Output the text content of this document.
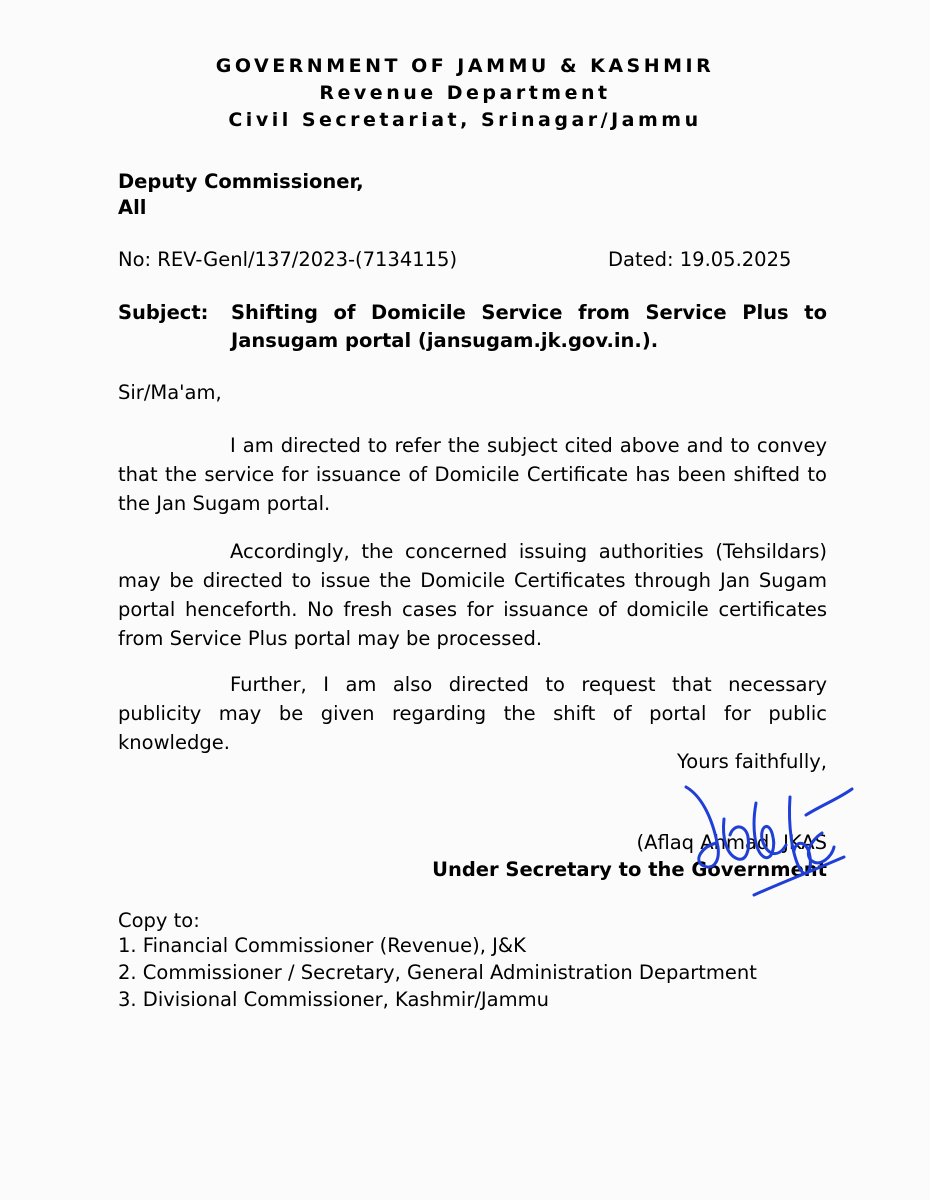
GOVERNMENT OF JAMMU & KASHMIR
Revenue Department
Civil Secretariat, Srinagar/Jammu
Deputy Commissioner,
All
No: REV-Genl/137/2023-(7134115)	Dated: 19.05.2025
Subject: Shifting of Domicile Service from Service Plus to
Jansugam portal (jansugam.jk.gov.in.).
Sir/Ma'am,
I am directed to refer the subject cited above and to convey that the service for issuance of Domicile Certificate has been shifted to the Jan Sugam portal.
Accordingly, the concerned issuing authorities (Tehsildars) may be directed to issue the Domicile Certificates through Jan Sugam portal henceforth. No fresh cases for issuance of domicile certificates from Service Plus portal may be processed.
Further, I am also directed to request that necessary publicity may be given regarding the shift of portal for public knowledge.
Yours faithfully,
(Aflaq Ahmad) JKAS
Under Secretary to the Government
Copy to:
1. Financial Commissioner (Revenue), J&K
2. Commissioner / Secretary, General Administration Department
3. Divisional Commissioner, Kashmir/Jammu
